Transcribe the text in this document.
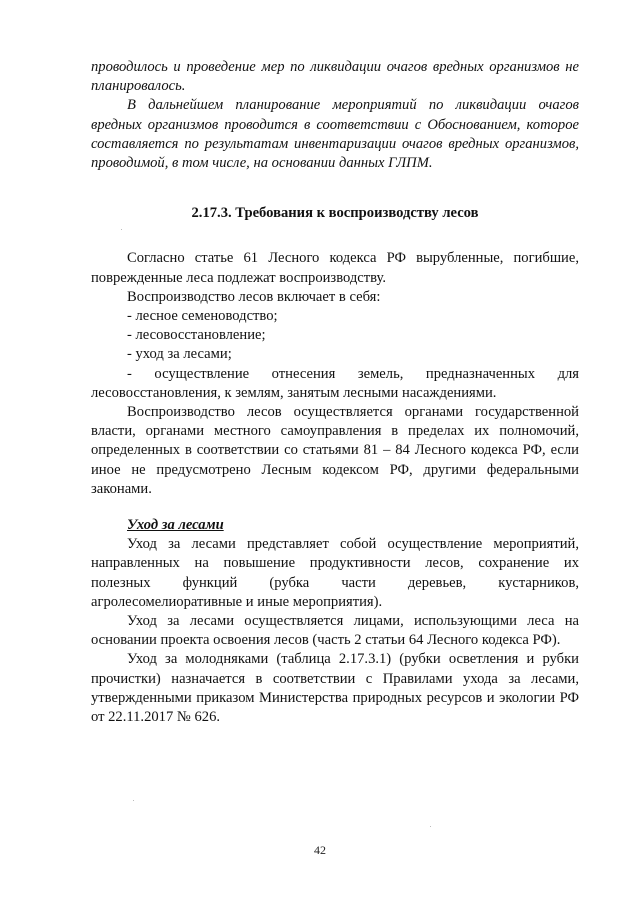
проводилось и проведение мер по ликвидации очагов вредных организмов не

планировалось.

В дальнейшем планирование мероприятий по ликвидации очагов вредных организмов проводится в соответствии с Обоснованием, которое составляется по результатам инвентаризации очагов вредных организмов, проводимой, в том числе, на основании данных ГЛПМ.

2.17.3. Требования к воспроизводству лесов

Согласно статье 61 Лесного кодекса РФ вырубленные, погибшие, поврежденные леса подлежат воспроизводству.

Воспроизводство лесов включает в себя:

- лесное семеноводство;

- лесовосстановление;

- уход за лесами;

- осуществление отнесения земель, предназначенных для

лесовосстановления, к землям, занятым лесными насаждениями.

Воспроизводство лесов осуществляется органами государственной власти, органами местного самоуправления в пределах их полномочий, определенных в соответствии со статьями 81 – 84 Лесного кодекса РФ, если иное не предусмотрено Лесным кодексом РФ, другими федеральными законами.

Уход за лесами

Уход за лесами представляет собой осуществление мероприятий,

направленных на повышение продуктивности лесов, сохранение их

полезных функций (рубка части деревьев, кустарников,

агролесомелиоративные и иные мероприятия).

Уход за лесами осуществляется лицами, использующими леса на основании проекта освоения лесов (часть 2 статьи 64 Лесного кодекса РФ).

Уход за молодняками (таблица 2.17.3.1) (рубки осветления и рубки прочистки) назначается в соответствии с Правилами ухода за лесами, утвержденными приказом Министерства природных ресурсов и экологии РФ от 22.11.2017 № 626.

42
